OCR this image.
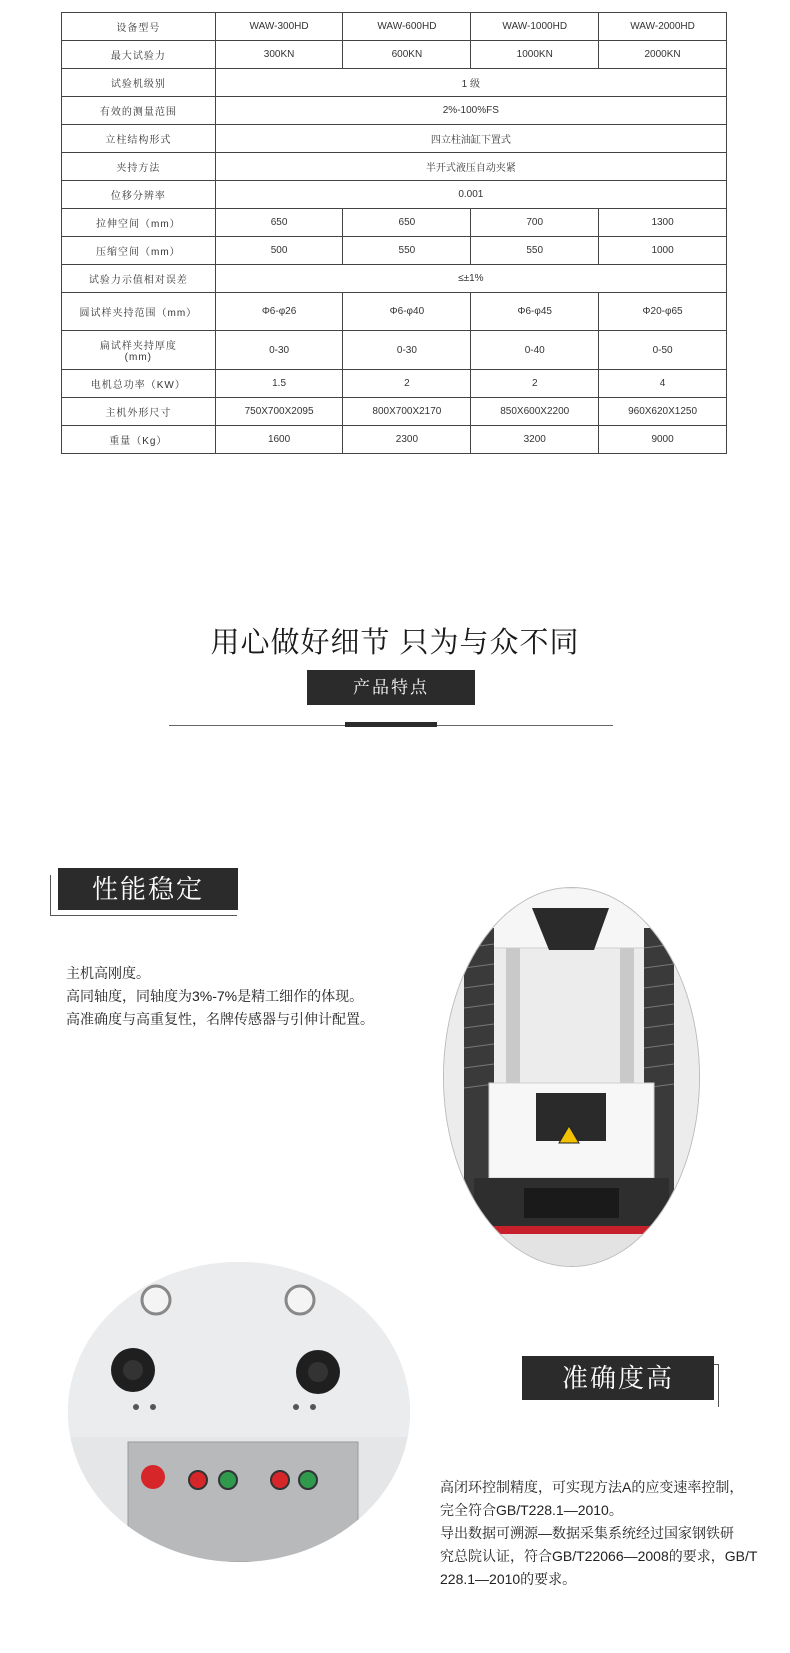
设备型号	WAW-300HD	WAW-600HD	WAW-1000HD	WAW-2000HD
最大试验力	300KN	600KN	1000KN	2000KN
试验机级别	1 级			
有效的测量范围	2%-100%FS			
立柱结构形式	四立柱油缸下置式			
夹持方法	半开式液压自动夹紧			
位移分辨率	0.001			
拉伸空间（mm）	650	650	700	1300
压缩空间（mm）	500	550	550	1000
试验力示值相对误差	≤±1%			
圆试样夹持范围（mm）	Φ6-φ26	Φ6-φ40	Φ6-φ45	Φ20-φ65

扁试样夹持厚度
(mm)	0-30	0-30	0-40	0-50
电机总功率（KW）	1.5	2	2	4
主机外形尺寸	750X700X2095	800X700X2170	850X600X2200	960X620X1250
重量（Kg）	1600	2300	3200	9000
用心做好细节 只为与众不同
产品特点
性能稳定
主机高刚度。
高同轴度，同轴度为3%-7%是精工细作的体现。
高准确度与高重复性，名牌传感器与引伸计配置。
准确度高
高闭环控制精度，可实现方法A的应变速率控制，
完全符合GB/T228.1—2010。
导出数据可溯源—数据采集系统经过国家钢铁研
究总院认证，符合GB/T22066—2008的要求，GB/T
228.1—2010的要求。
